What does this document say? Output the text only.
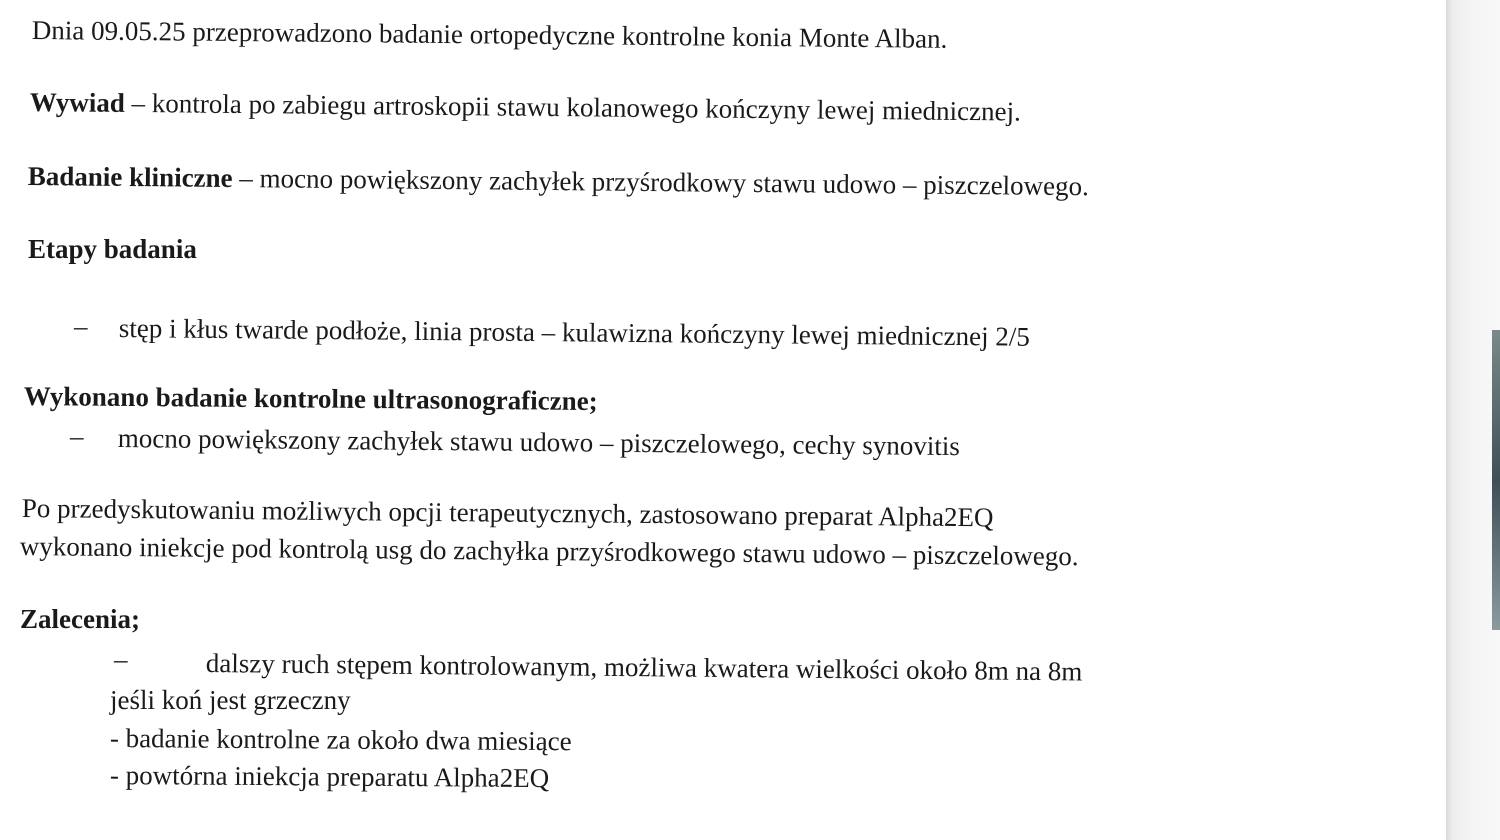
Dnia 09.05.25 przeprowadzono badanie ortopedyczne kontrolne konia Monte Alban.

Wywiad – kontrola po zabiegu artroskopii stawu kolanowego kończyny lewej miednicznej.

Badanie kliniczne – mocno powiększony zachyłek przyśrodkowy stawu udowo – piszczelowego.

Etapy badania

– stęp i kłus twarde podłoże, linia prosta – kulawizna kończyny lewej miednicznej 2/5

Wykonano badanie kontrolne ultrasonograficzne;

– mocno powiększony zachyłek stawu udowo – piszczelowego, cechy synovitis

Po przedyskutowaniu możliwych opcji terapeutycznych, zastosowano preparat Alpha2EQ

wykonano iniekcje pod kontrolą usg do zachyłka przyśrodkowego stawu udowo – piszczelowego.

Zalecenia;

–	dalszy ruch stępem kontrolowanym, możliwa kwatera wielkości około 8m na 8m

jeśli koń jest grzeczny

- badanie kontrolne za około dwa miesiące

- powtórna iniekcja preparatu Alpha2EQ
